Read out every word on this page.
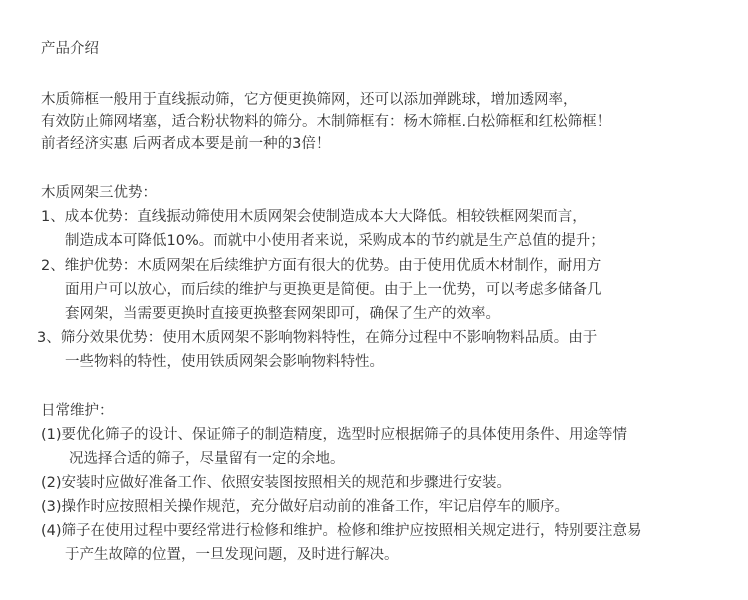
产品介绍
木质筛框一般用于直线振动筛，它方便更换筛网，还可以添加弹跳球，增加透网率，
有效防止筛网堵塞，适合粉状物料的筛分。木制筛框有：杨木筛框.白松筛框和红松筛框！
前者经济实惠 后两者成本要是前一种的3倍！
木质网架三优势：
1、成本优势：直线振动筛使用木质网架会使制造成本大大降低。相较铁框网架而言，
制造成本可降低10%。而就中小使用者来说，采购成本的节约就是生产总值的提升；
2、维护优势：木质网架在后续维护方面有很大的优势。由于使用优质木材制作，耐用方
面用户可以放心，而后续的维护与更换更是简便。由于上一优势，可以考虑多储备几
套网架，当需要更换时直接更换整套网架即可，确保了生产的效率。
3、筛分效果优势：使用木质网架不影响物料特性，在筛分过程中不影响物料品质。由于
一些物料的特性，使用铁质网架会影响物料特性。
日常维护：
(1)要优化筛子的设计、保证筛子的制造精度，选型时应根据筛子的具体使用条件、用途等情
况选择合适的筛子，尽量留有一定的余地。
(2)安装时应做好准备工作、依照安装图按照相关的规范和步骤进行安装。
(3)操作时应按照相关操作规范，充分做好启动前的准备工作，牢记启停车的顺序。
(4)筛子在使用过程中要经常进行检修和维护。检修和维护应按照相关规定进行，特别要注意易
于产生故障的位置，一旦发现问题，及时进行解决。
